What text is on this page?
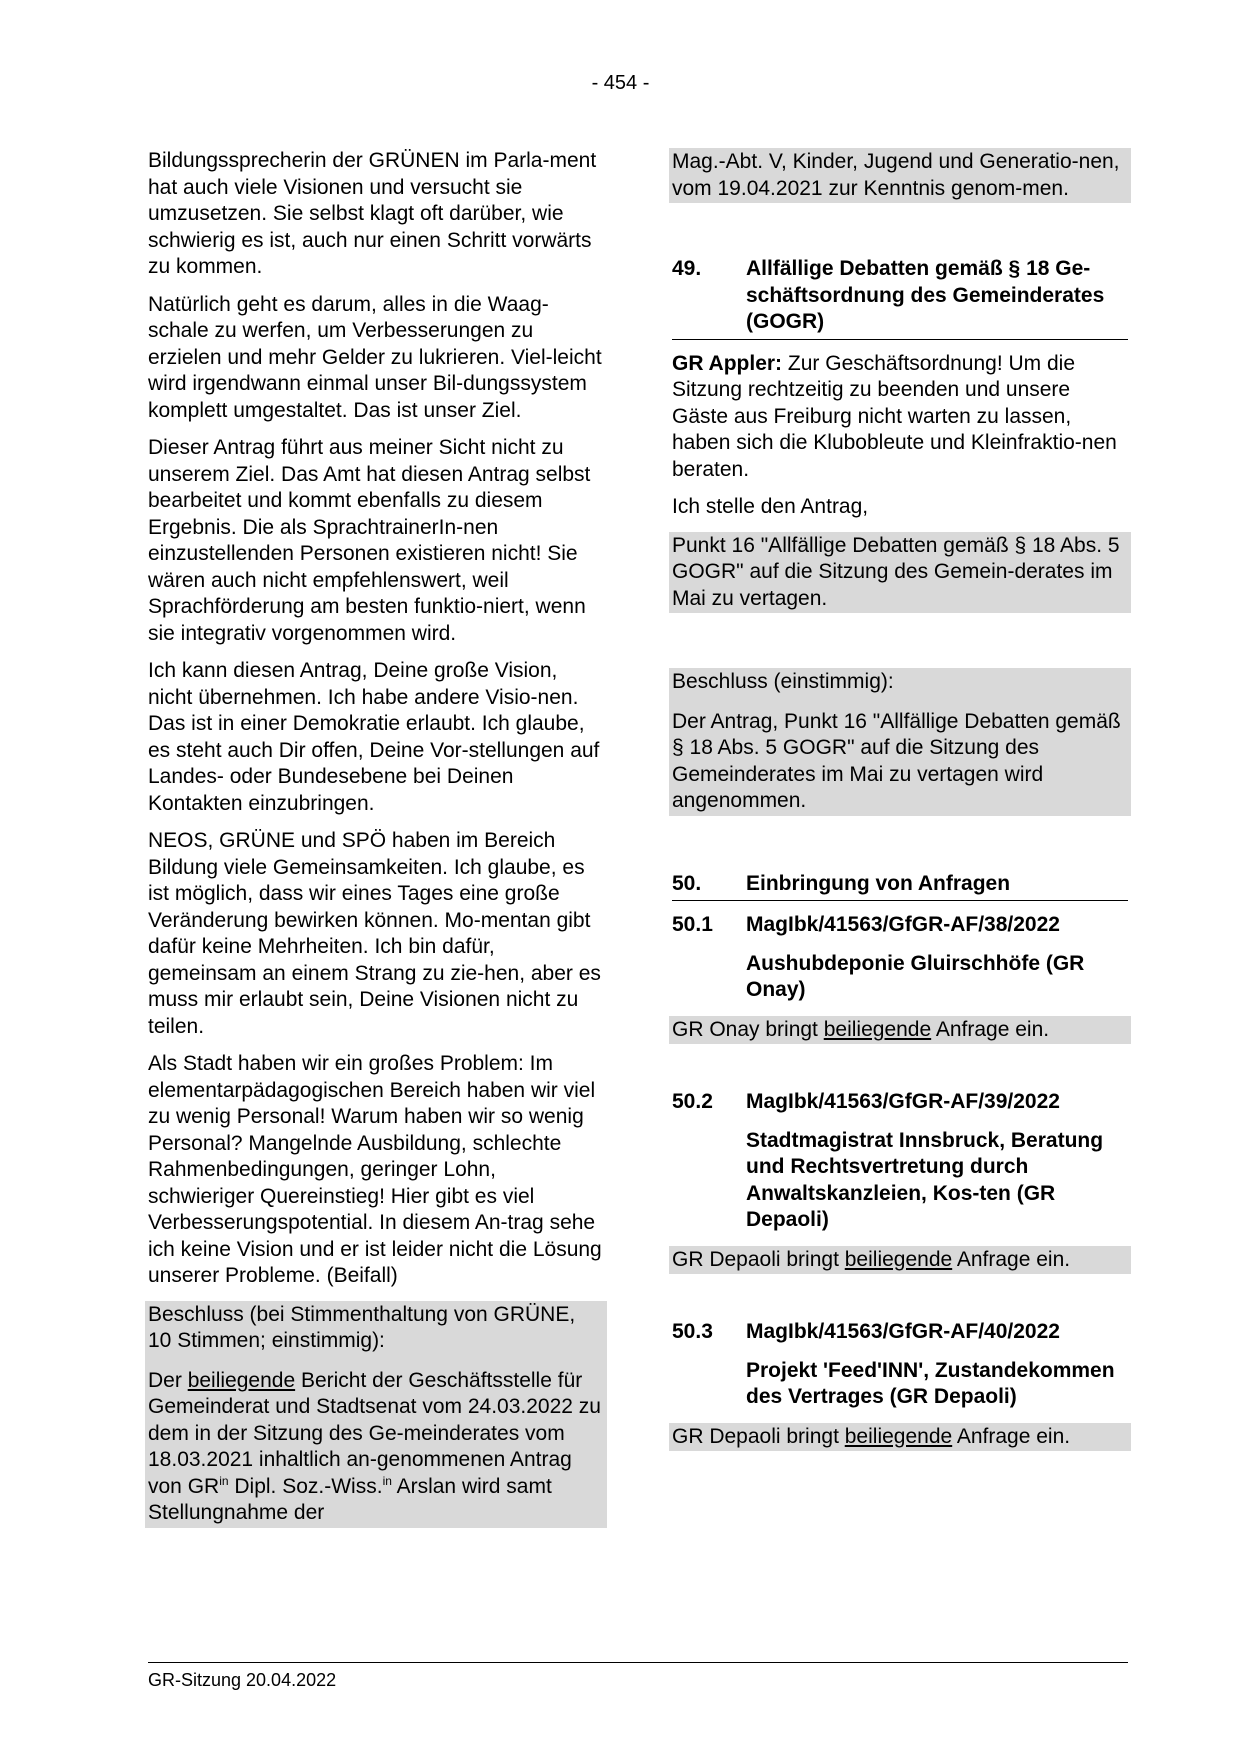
- 454 -

Bildungssprecherin der GRÜNEN im Parla-ment hat auch viele Visionen und versucht sie umzusetzen. Sie selbst klagt oft darüber, wie schwierig es ist, auch nur einen Schritt vorwärts zu kommen.

Natürlich geht es darum, alles in die Waag-schale zu werfen, um Verbesserungen zu erzielen und mehr Gelder zu lukrieren. Viel-leicht wird irgendwann einmal unser Bil-dungssystem komplett umgestaltet. Das ist unser Ziel.

Dieser Antrag führt aus meiner Sicht nicht zu unserem Ziel. Das Amt hat diesen Antrag selbst bearbeitet und kommt ebenfalls zu diesem Ergebnis. Die als SprachtrainerIn-nen einzustellenden Personen existieren nicht! Sie wären auch nicht empfehlenswert, weil Sprachförderung am besten funktio-niert, wenn sie integrativ vorgenommen wird.

Ich kann diesen Antrag, Deine große Vision, nicht übernehmen. Ich habe andere Visio-nen. Das ist in einer Demokratie erlaubt. Ich glaube, es steht auch Dir offen, Deine Vor-stellungen auf Landes- oder Bundesebene bei Deinen Kontakten einzubringen.

NEOS, GRÜNE und SPÖ haben im Bereich Bildung viele Gemeinsamkeiten. Ich glaube, es ist möglich, dass wir eines Tages eine große Veränderung bewirken können. Mo-mentan gibt dafür keine Mehrheiten. Ich bin dafür, gemeinsam an einem Strang zu zie-hen, aber es muss mir erlaubt sein, Deine Visionen nicht zu teilen.

Als Stadt haben wir ein großes Problem: Im elementarpädagogischen Bereich haben wir viel zu wenig Personal! Warum haben wir so wenig Personal? Mangelnde Ausbildung, schlechte Rahmenbedingungen, geringer Lohn, schwieriger Quereinstieg! Hier gibt es viel Verbesserungspotential. In diesem An-trag sehe ich keine Vision und er ist leider nicht die Lösung unserer Probleme. (Beifall)

Beschluss (bei Stimmenthaltung von GRÜNE, 10 Stimmen; einstimmig):

Der beiliegende Bericht der Geschäftsstelle für Gemeinderat und Stadtsenat vom 24.03.2022 zu dem in der Sitzung des Ge-meinderates vom 18.03.2021 inhaltlich an-genommenen Antrag von $GR^{in}$ Dipl. Soz.-Wiss.$^{in}$ Arslan wird samt Stellungnahme der

Mag.-Abt. V, Kinder, Jugend und Generatio-nen, vom 19.04.2021 zur Kenntnis genom-men.

49.	Allfällige Debatten gemäß § 18 Ge-schäftsordnung des Gemeinderates (GOGR)

GR Appler: Zur Geschäftsordnung! Um die Sitzung rechtzeitig zu beenden und unsere Gäste aus Freiburg nicht warten zu lassen, haben sich die Klubobleute und Kleinfraktio-nen beraten.

Ich stelle den Antrag,

Punkt 16 "Allfällige Debatten gemäß § 18 Abs. 5 GOGR" auf die Sitzung des Gemein-derates im Mai zu vertagen.

Beschluss (einstimmig):

Der Antrag, Punkt 16 "Allfällige Debatten gemäß § 18 Abs. 5 GOGR" auf die Sitzung des Gemeinderates im Mai zu vertagen wird angenommen.

50.	Einbringung von Anfragen
50.1	MagIbk/41563/GfGR-AF/38/2022

Aushubdeponie Gluirschhöfe (GR Onay)

GR Onay bringt beiliegende Anfrage ein.

50.2	MagIbk/41563/GfGR-AF/39/2022

Stadtmagistrat Innsbruck, Beratung und Rechtsvertretung durch Anwaltskanzleien, Kos-ten (GR Depaoli)

GR Depaoli bringt beiliegende Anfrage ein.

50.3	MagIbk/41563/GfGR-AF/40/2022

Projekt 'Feed'INN', Zustandekommen des Vertrages (GR Depaoli)

GR Depaoli bringt beiliegende Anfrage ein.

GR-Sitzung 20.04.2022
